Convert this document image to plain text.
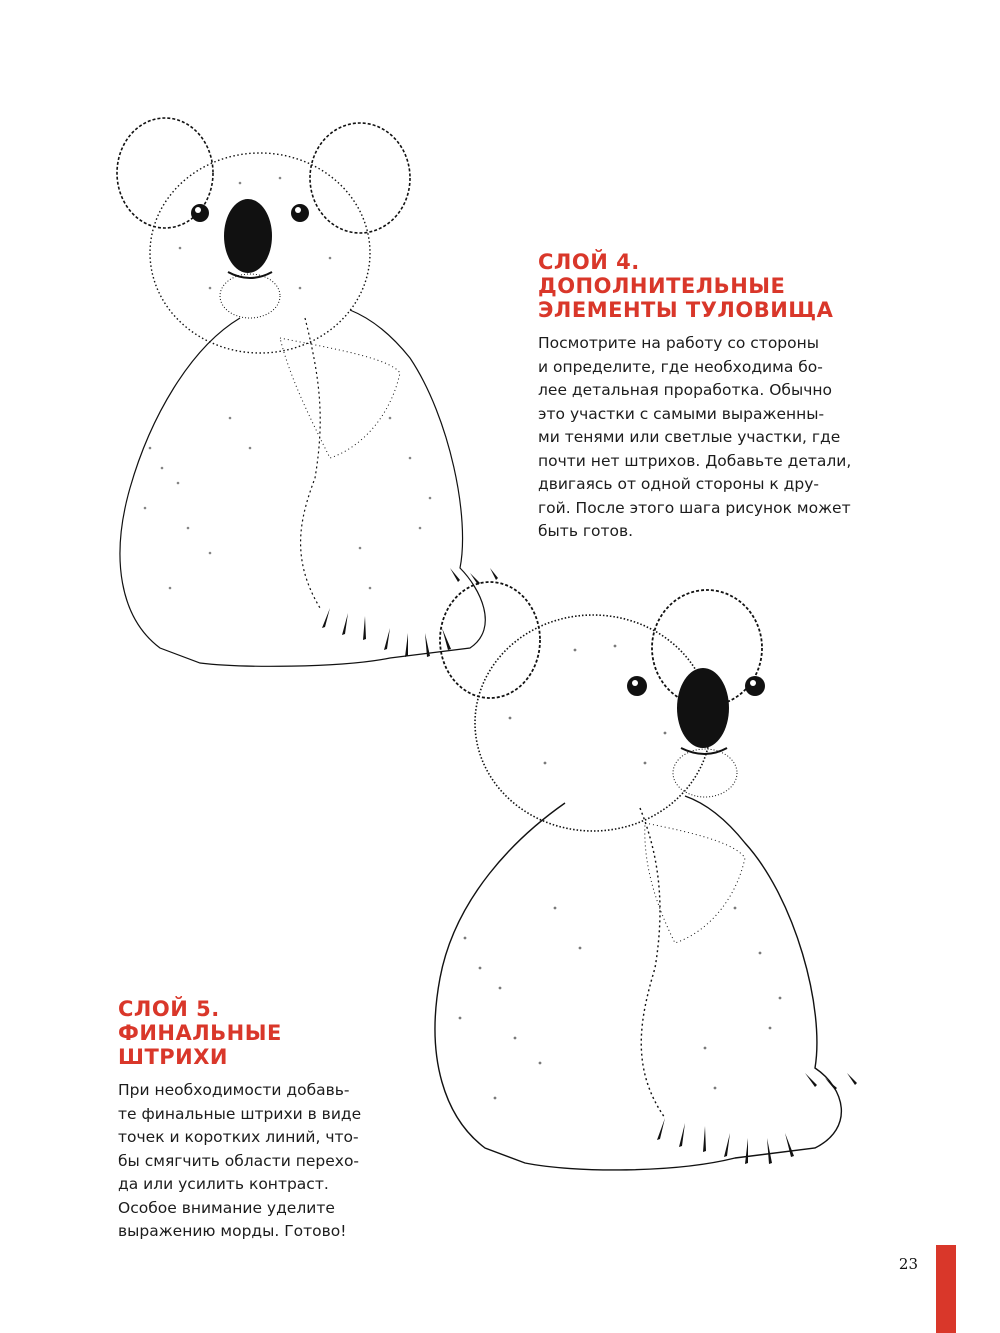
СЛОЙ 4.
ДОПОЛНИТЕЛЬНЫЕ
ЭЛЕМЕНТЫ ТУЛОВИЩА

Посмотрите на работу со стороны
и определите, где необходима бо-
лее детальная проработка. Обычно
это участки с самыми выраженны-
ми тенями или светлые участки, где
почти нет штрихов. Добавьте детали,
двигаясь от одной стороны к дру-
гой. После этого шага рисунок может
быть готов.

СЛОЙ 5.
ФИНАЛЬНЫЕ ШТРИХИ

При необходимости добавь-
те финальные штрихи в виде
точек и коротких линий, что-
бы смягчить области перехо-
да или усилить контраст.
Особое внимание уделите
выражению морды. Готово!

23
